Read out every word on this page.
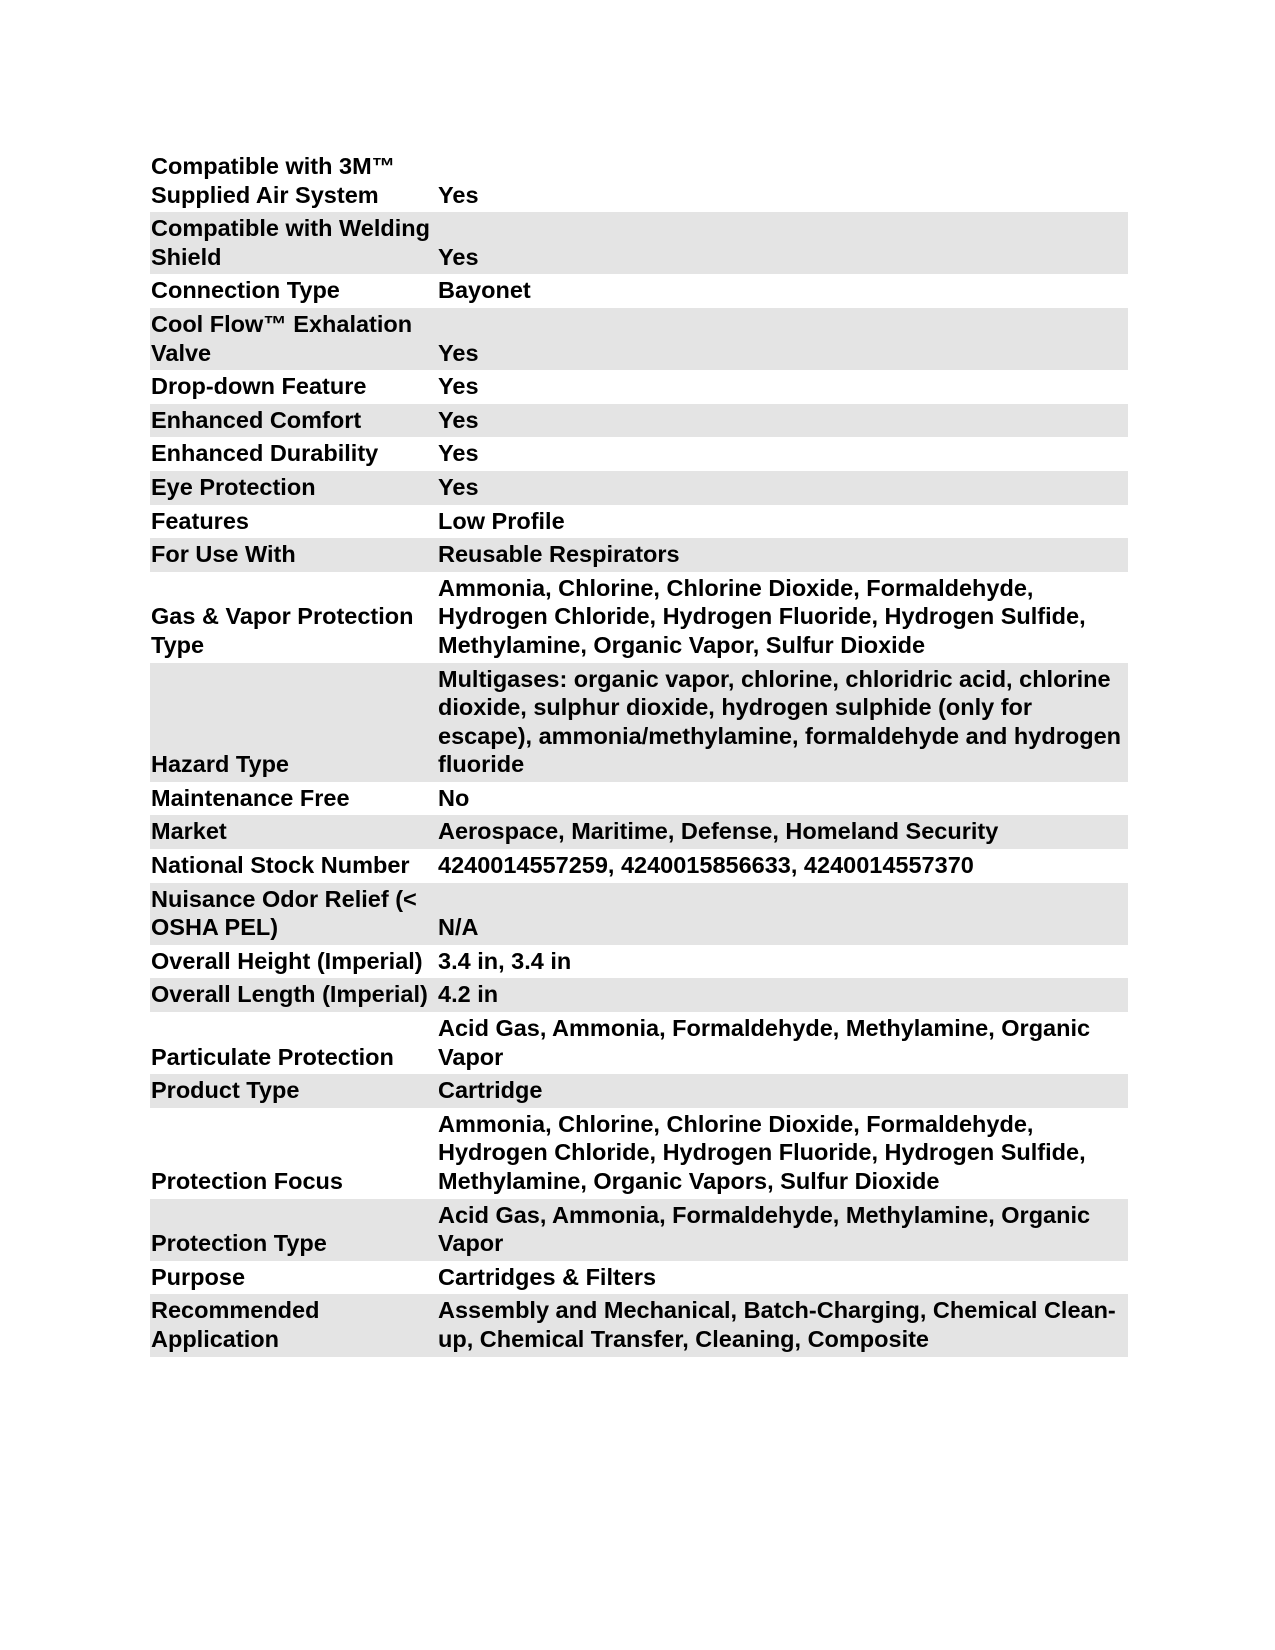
Compatible with 3M™ Supplied Air System	Yes
Compatible with Welding Shield	Yes
Connection Type	Bayonet
Cool Flow™ Exhalation Valve	Yes
Drop-down Feature	Yes
Enhanced Comfort	Yes
Enhanced Durability	Yes
Eye Protection	Yes
Features	Low Profile
For Use With	Reusable Respirators
Gas & Vapor Protection Type	Ammonia, Chlorine, Chlorine Dioxide, Formaldehyde, Hydrogen Chloride, Hydrogen Fluoride, Hydrogen Sulfide, Methylamine, Organic Vapor, Sulfur Dioxide
Hazard Type	Multigases: organic vapor, chlorine, chloridric acid, chlorine dioxide, sulphur dioxide, hydrogen sulphide (only for escape), ammonia/methylamine, formaldehyde and hydrogen fluoride
Maintenance Free	No
Market	Aerospace, Maritime, Defense, Homeland Security
National Stock Number	4240014557259, 4240015856633, 4240014557370
Nuisance Odor Relief (< OSHA PEL)	N/A
Overall Height (Imperial)	3.4 in, 3.4 in
Overall Length (Imperial)	4.2 in
Particulate Protection	Acid Gas, Ammonia, Formaldehyde, Methylamine, Organic Vapor
Product Type	Cartridge
Protection Focus	Ammonia, Chlorine, Chlorine Dioxide, Formaldehyde, Hydrogen Chloride, Hydrogen Fluoride, Hydrogen Sulfide, Methylamine, Organic Vapors, Sulfur Dioxide
Protection Type	Acid Gas, Ammonia, Formaldehyde, Methylamine, Organic Vapor
Purpose	Cartridges & Filters
Recommended Application	Assembly and Mechanical, Batch-Charging, Chemical Clean-up, Chemical Transfer, Cleaning, Composite
